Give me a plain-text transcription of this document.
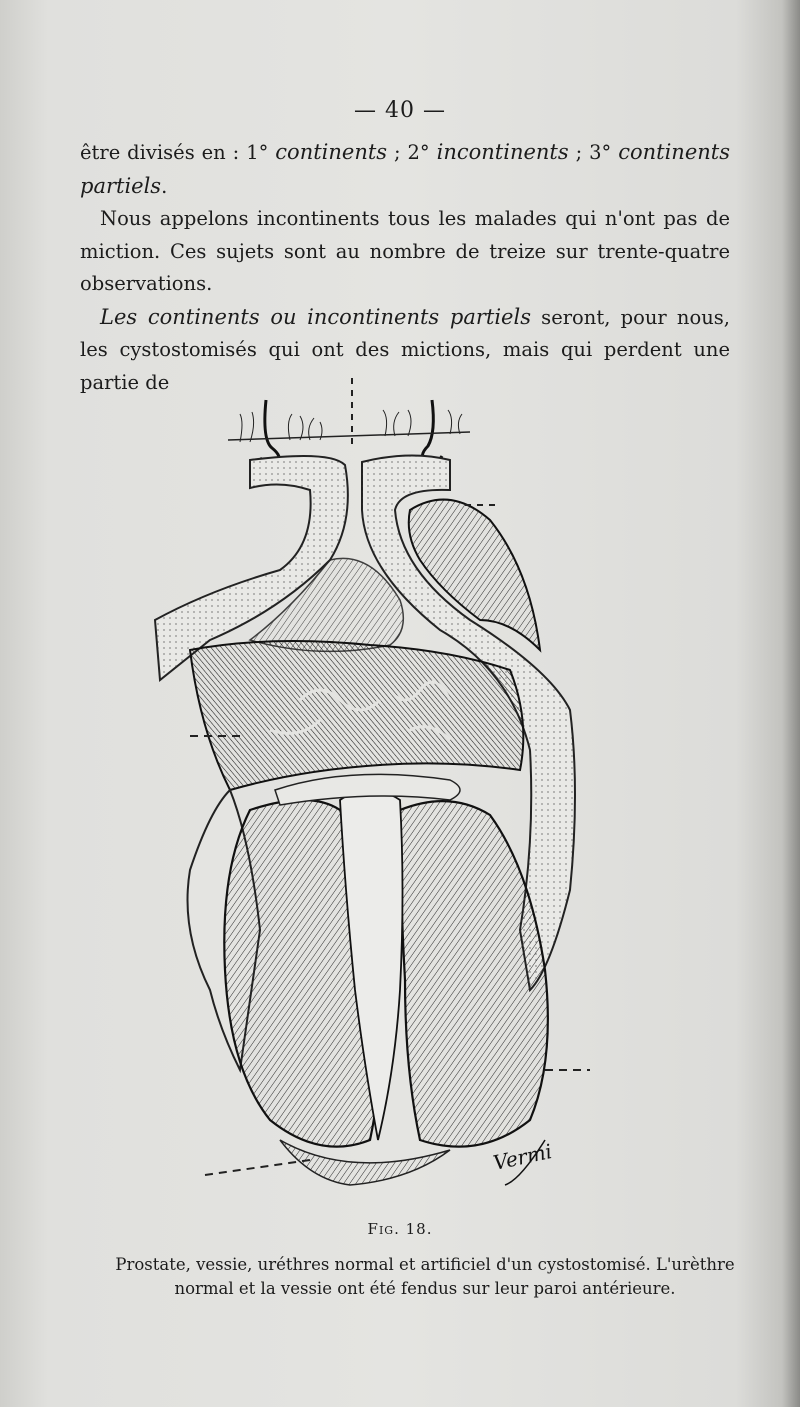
— 40 —

être divisés en : 1° continents ; 2° incontinents ; 3° continents partiels.

Nous appelons incontinents tous les malades qui n'ont pas de miction. Ces sujets sont au nombre de treize sur trente-quatre observations.

Les continents ou incontinents partiels seront, pour nous, les cystostomisés qui ont des mictions, mais qui perdent une partie de

Vermi
Fig. 18.
Prostate, vessie, uréthres normal et artificiel d'un cystostomisé. L'urèthre normal et la vessie ont été fendus sur leur paroi antérieure.
